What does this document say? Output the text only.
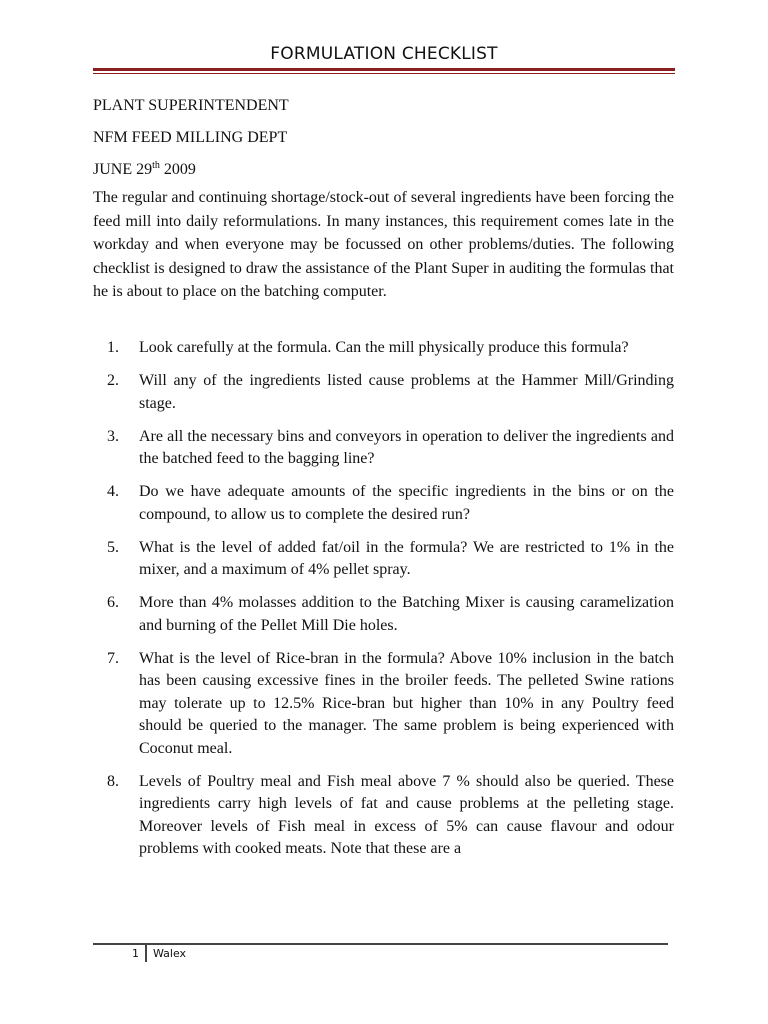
FORMULATION CHECKLIST
PLANT SUPERINTENDENT
NFM FEED MILLING DEPT
JUNE 29th 2009

The regular and continuing shortage/stock-out of several ingredients have been forcing the feed mill into daily reformulations. In many instances, this requirement comes late in the workday and when everyone may be focussed on other problems/duties. The following checklist is designed to draw the assistance of the Plant Super in auditing the formulas that he is about to place on the batching computer.

1. Look carefully at the formula. Can the mill physically produce this formula?
2. Will any of the ingredients listed cause problems at the Hammer Mill/Grinding stage.
3. Are all the necessary bins and conveyors in operation to deliver the ingredients and the batched feed to the bagging line?
4. Do we have adequate amounts of the specific ingredients in the bins or on the compound, to allow us to complete the desired run?
5. What is the level of added fat/oil in the formula? We are restricted to 1% in the mixer, and a maximum of 4% pellet spray.
6. More than 4% molasses addition to the Batching Mixer is causing caramelization and burning of the Pellet Mill Die holes.
7. What is the level of Rice-bran in the formula? Above 10% inclusion in the batch has been causing excessive fines in the broiler feeds. The pelleted Swine rations may tolerate up to 12.5% Rice-bran but higher than 10% in any Poultry feed should be queried to the manager. The same problem is being experienced with Coconut meal.
8. Levels of Poultry meal and Fish meal above 7 % should also be queried. These ingredients carry high levels of fat and cause problems at the pelleting stage. Moreover levels of Fish meal in excess of 5% can cause flavour and odour problems with cooked meats. Note that these are a
1 Walex
